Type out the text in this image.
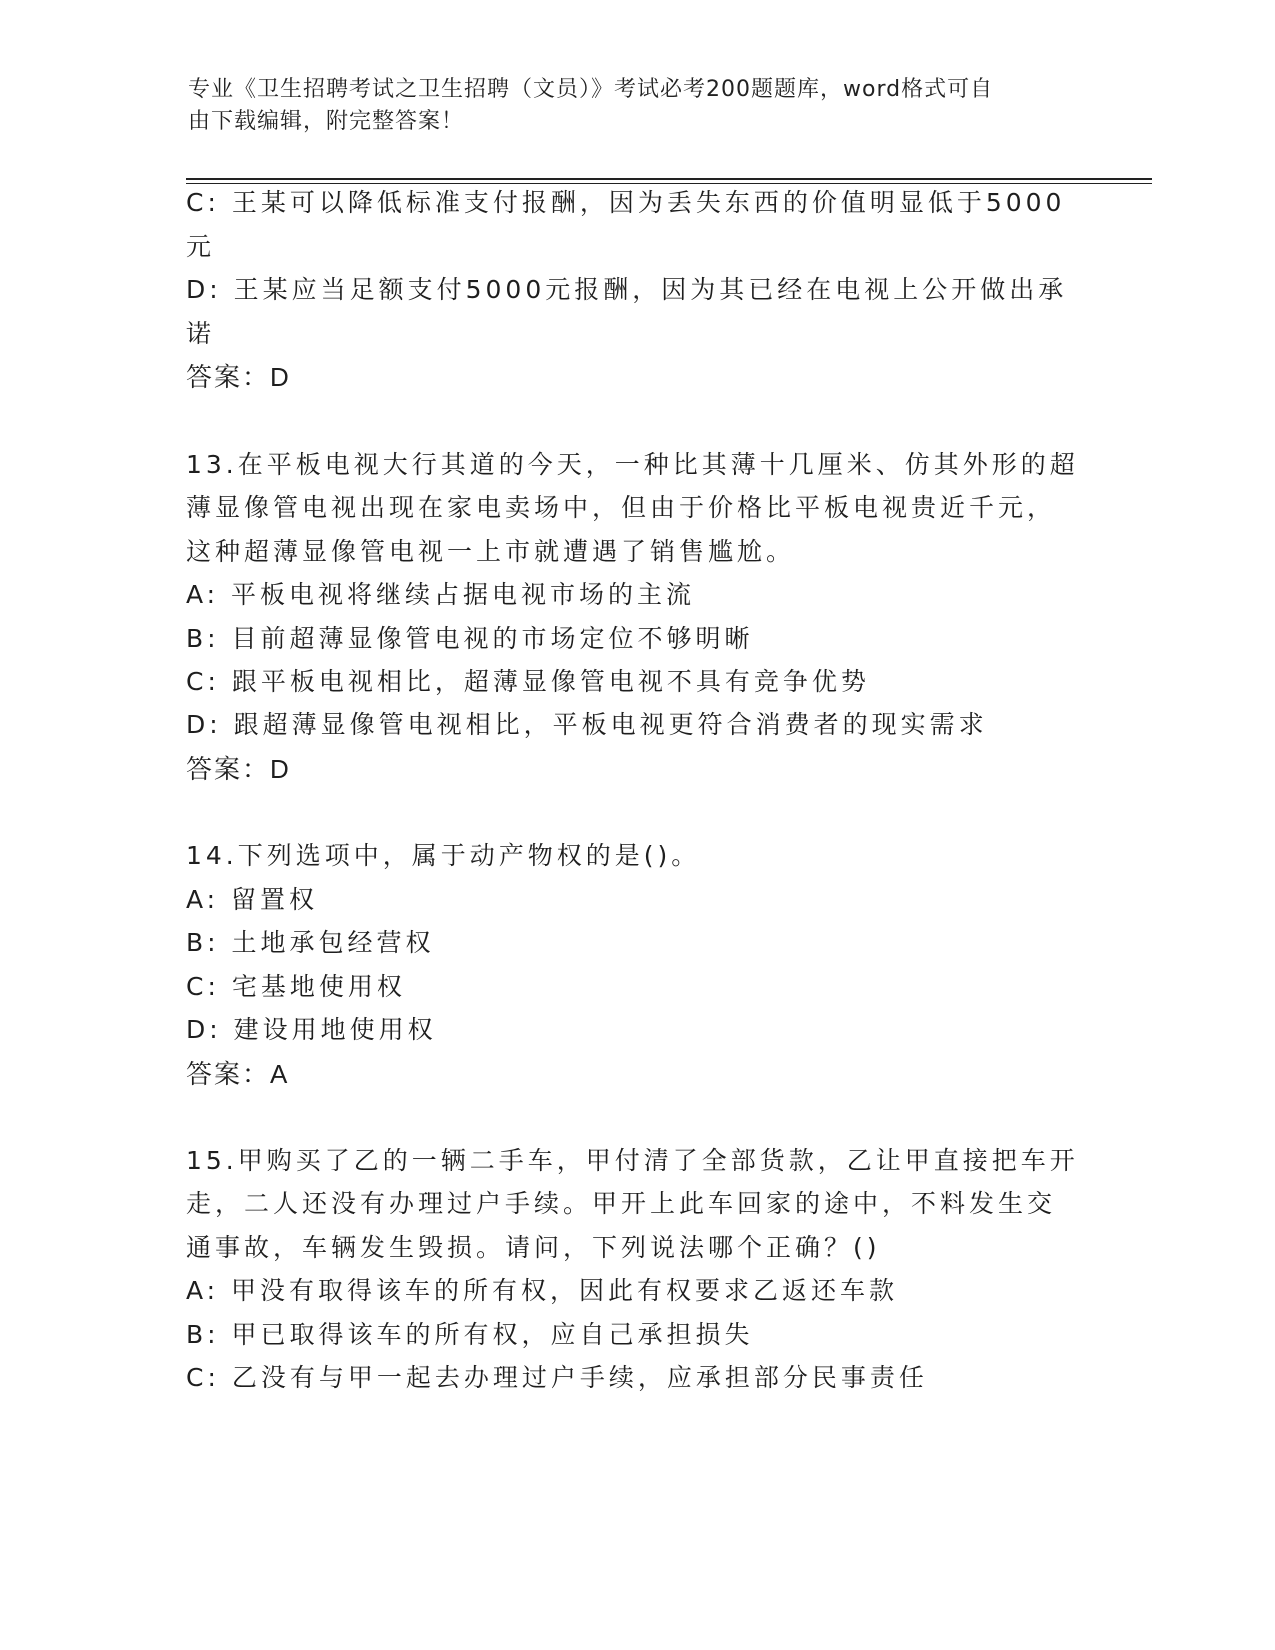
专业《卫生招聘考试之卫生招聘（文员）》考试必考200题题库，word格式可自
由下载编辑，附完整答案！
C: 王某可以降低标准支付报酬，因为丢失东西的价值明显低于5000
元
D: 王某应当足额支付5000元报酬，因为其已经在电视上公开做出承
诺
答案：D
13.在平板电视大行其道的今天，一种比其薄十几厘米、仿其外形的超
薄显像管电视出现在家电卖场中，但由于价格比平板电视贵近千元，
这种超薄显像管电视一上市就遭遇了销售尴尬。
A: 平板电视将继续占据电视市场的主流
B: 目前超薄显像管电视的市场定位不够明晰
C: 跟平板电视相比，超薄显像管电视不具有竞争优势
D: 跟超薄显像管电视相比，平板电视更符合消费者的现实需求
答案：D
14.下列选项中，属于动产物权的是()。
A: 留置权
B: 土地承包经营权
C: 宅基地使用权
D: 建设用地使用权
答案：A
15.甲购买了乙的一辆二手车，甲付清了全部货款，乙让甲直接把车开
走，二人还没有办理过户手续。甲开上此车回家的途中，不料发生交
通事故，车辆发生毁损。请问，下列说法哪个正确？()
A: 甲没有取得该车的所有权，因此有权要求乙返还车款
B: 甲已取得该车的所有权，应自己承担损失
C: 乙没有与甲一起去办理过户手续，应承担部分民事责任
